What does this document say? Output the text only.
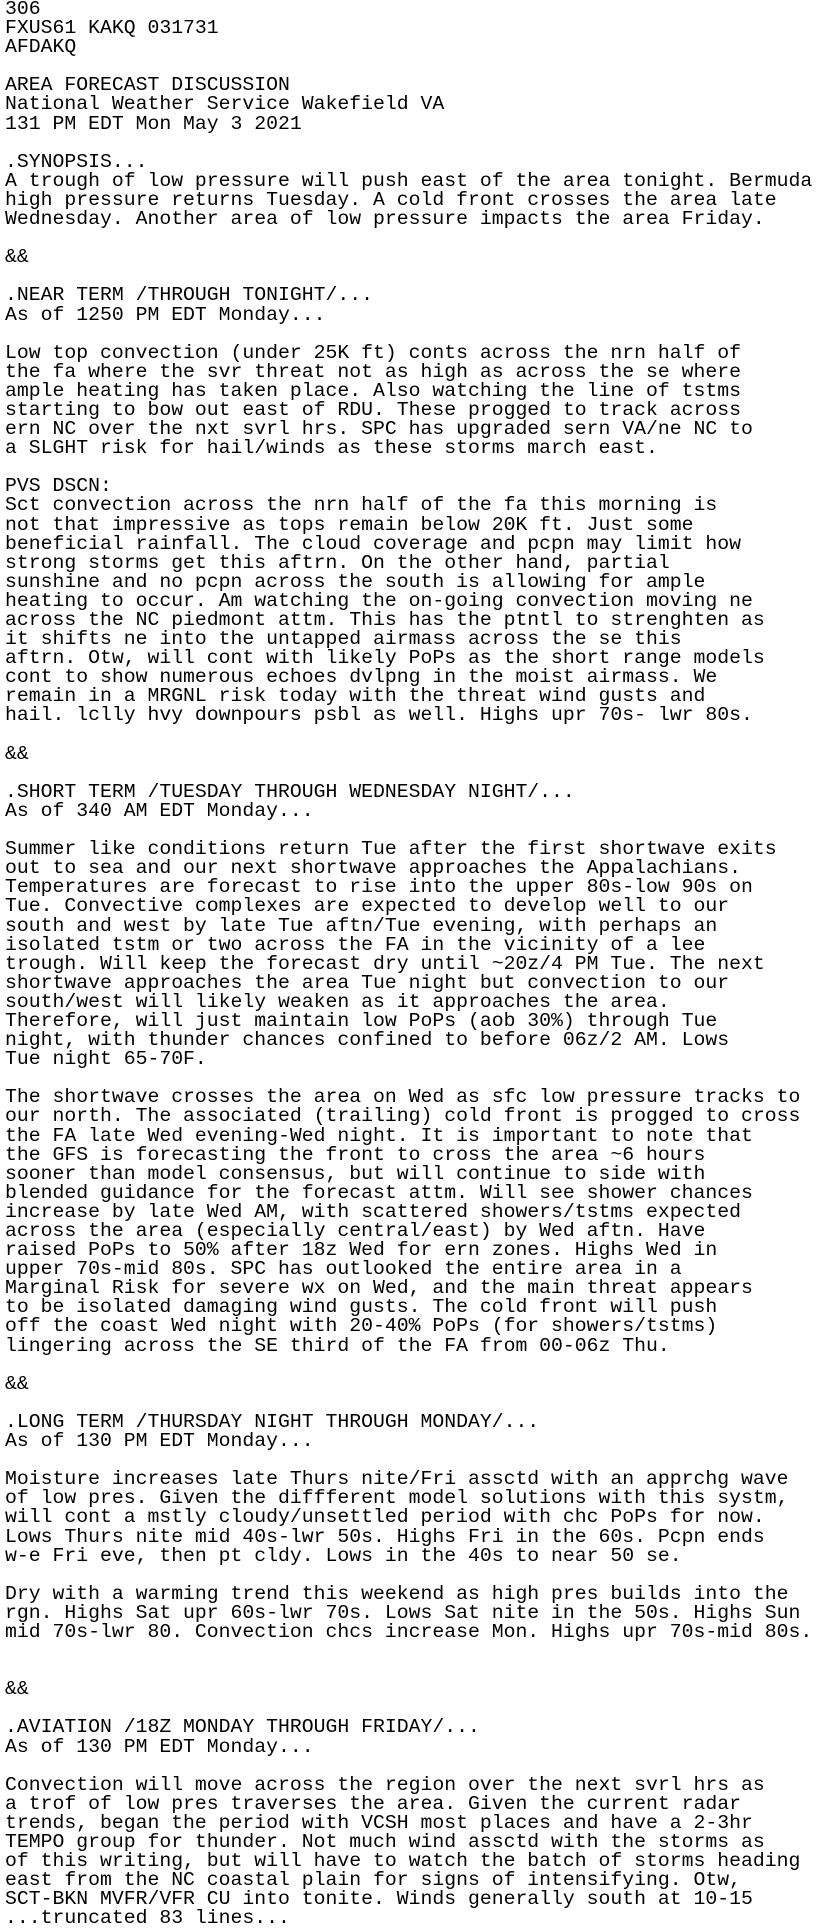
306
FXUS61 KAKQ 031731
AFDAKQ

AREA FORECAST DISCUSSION
National Weather Service Wakefield VA
131 PM EDT Mon May 3 2021

.SYNOPSIS...
A trough of low pressure will push east of the area tonight. Bermuda
high pressure returns Tuesday. A cold front crosses the area late
Wednesday. Another area of low pressure impacts the area Friday.

&&

.NEAR TERM /THROUGH TONIGHT/...
As of 1250 PM EDT Monday...

Low top convection (under 25K ft) conts across the nrn half of
the fa where the svr threat not as high as across the se where
ample heating has taken place. Also watching the line of tstms
starting to bow out east of RDU. These progged to track across
ern NC over the nxt svrl hrs. SPC has upgraded sern VA/ne NC to
a SLGHT risk for hail/winds as these storms march east.

PVS DSCN:
Sct convection across the nrn half of the fa this morning is
not that impressive as tops remain below 20K ft. Just some
beneficial rainfall. The cloud coverage and pcpn may limit how
strong storms get this aftrn. On the other hand, partial
sunshine and no pcpn across the south is allowing for ample
heating to occur. Am watching the on-going convection moving ne
across the NC piedmont attm. This has the ptntl to strenghten as
it shifts ne into the untapped airmass across the se this
aftrn. Otw, will cont with likely PoPs as the short range models
cont to show numerous echoes dvlpng in the moist airmass. We
remain in a MRGNL risk today with the threat wind gusts and
hail. lclly hvy downpours psbl as well. Highs upr 70s- lwr 80s.

&&

.SHORT TERM /TUESDAY THROUGH WEDNESDAY NIGHT/...
As of 340 AM EDT Monday...

Summer like conditions return Tue after the first shortwave exits
out to sea and our next shortwave approaches the Appalachians.
Temperatures are forecast to rise into the upper 80s-low 90s on
Tue. Convective complexes are expected to develop well to our
south and west by late Tue aftn/Tue evening, with perhaps an
isolated tstm or two across the FA in the vicinity of a lee
trough. Will keep the forecast dry until ~20z/4 PM Tue. The next
shortwave approaches the area Tue night but convection to our
south/west will likely weaken as it approaches the area.
Therefore, will just maintain low PoPs (aob 30%) through Tue
night, with thunder chances confined to before 06z/2 AM. Lows
Tue night 65-70F.

The shortwave crosses the area on Wed as sfc low pressure tracks to
our north. The associated (trailing) cold front is progged to cross
the FA late Wed evening-Wed night. It is important to note that
the GFS is forecasting the front to cross the area ~6 hours
sooner than model consensus, but will continue to side with
blended guidance for the forecast attm. Will see shower chances
increase by late Wed AM, with scattered showers/tstms expected
across the area (especially central/east) by Wed aftn. Have
raised PoPs to 50% after 18z Wed for ern zones. Highs Wed in
upper 70s-mid 80s. SPC has outlooked the entire area in a
Marginal Risk for severe wx on Wed, and the main threat appears
to be isolated damaging wind gusts. The cold front will push
off the coast Wed night with 20-40% PoPs (for showers/tstms)
lingering across the SE third of the FA from 00-06z Thu.

&&

.LONG TERM /THURSDAY NIGHT THROUGH MONDAY/...
As of 130 PM EDT Monday...

Moisture increases late Thurs nite/Fri assctd with an apprchg wave
of low pres. Given the diffferent model solutions with this systm,
will cont a mstly cloudy/unsettled period with chc PoPs for now.
Lows Thurs nite mid 40s-lwr 50s. Highs Fri in the 60s. Pcpn ends
w-e Fri eve, then pt cldy. Lows in the 40s to near 50 se.

Dry with a warming trend this weekend as high pres builds into the
rgn. Highs Sat upr 60s-lwr 70s. Lows Sat nite in the 50s. Highs Sun
mid 70s-lwr 80. Convection chcs increase Mon. Highs upr 70s-mid 80s.

&&

.AVIATION /18Z MONDAY THROUGH FRIDAY/...
As of 130 PM EDT Monday...

Convection will move across the region over the next svrl hrs as
a trof of low pres traverses the area. Given the current radar
trends, began the period with VCSH most places and have a 2-3hr
TEMPO group for thunder. Not much wind assctd with the storms as
of this writing, but will have to watch the batch of storms heading
east from the NC coastal plain for signs of intensifying. Otw,
SCT-BKN MVFR/VFR CU into tonite. Winds generally south at 10-15
...truncated 83 lines...
